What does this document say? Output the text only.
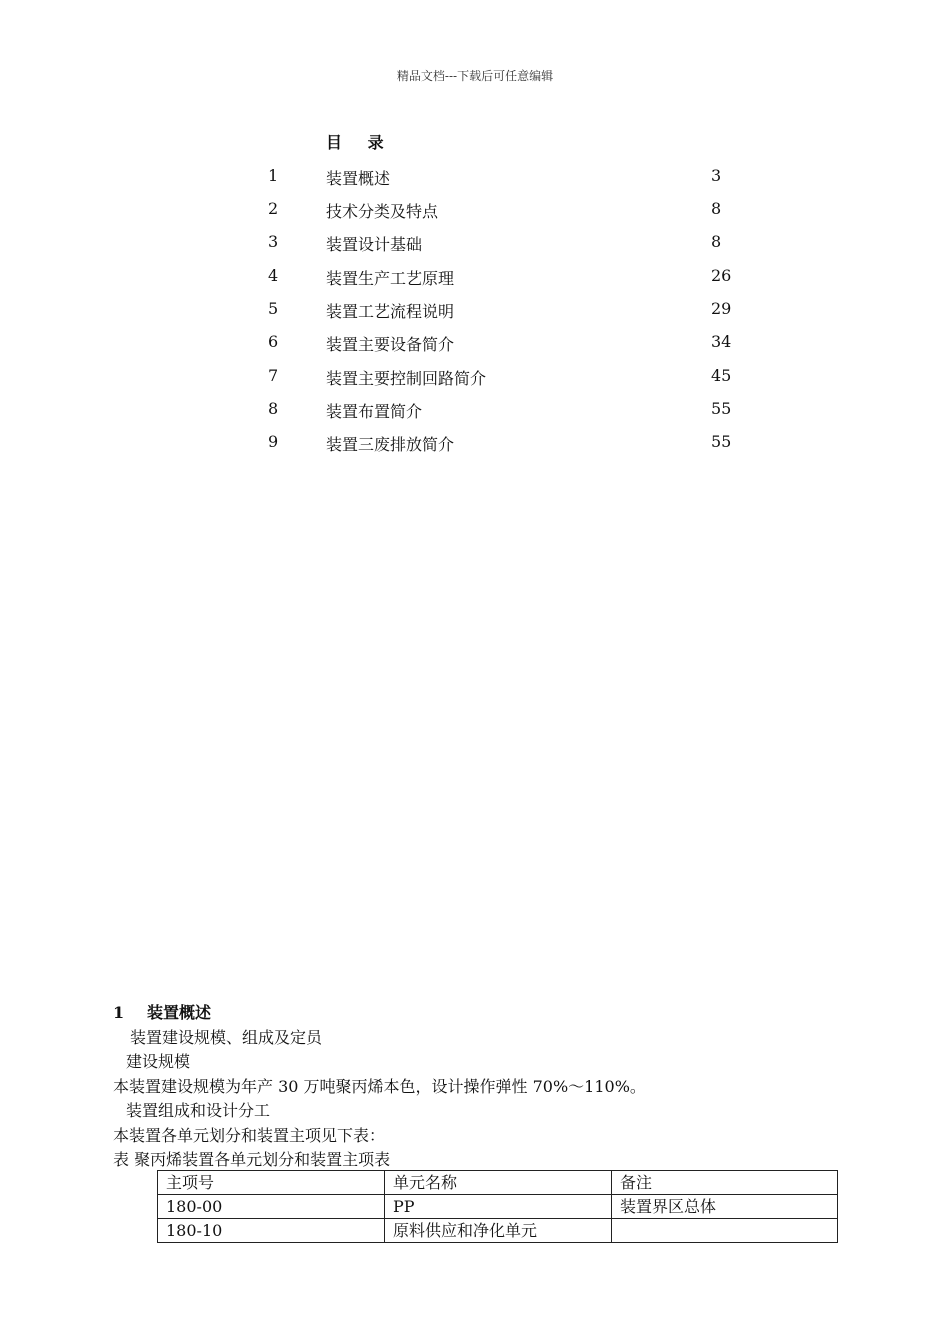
精品文档---下载后可任意编辑
目 录
1	装置概述	3
2	技术分类及特点	8
3	装置设计基础	8
4	装置生产工艺原理	26
5	装置工艺流程说明	29
6	装置主要设备简介	34
7	装置主要控制回路简介	45
8	装置布置简介	55
9	装置三废排放简介	55
1 装置概述
装置建设规模、组成及定员
建设规模
本装置建设规模为年产 30 万吨聚丙烯本色，设计操作弹性 70%～110%。
装置组成和设计分工
本装置各单元划分和装置主项见下表：
表 聚丙烯装置各单元划分和装置主项表
主项号	单元名称	备注
180-00	PP	装置界区总体
180-10	原料供应和净化单元	
